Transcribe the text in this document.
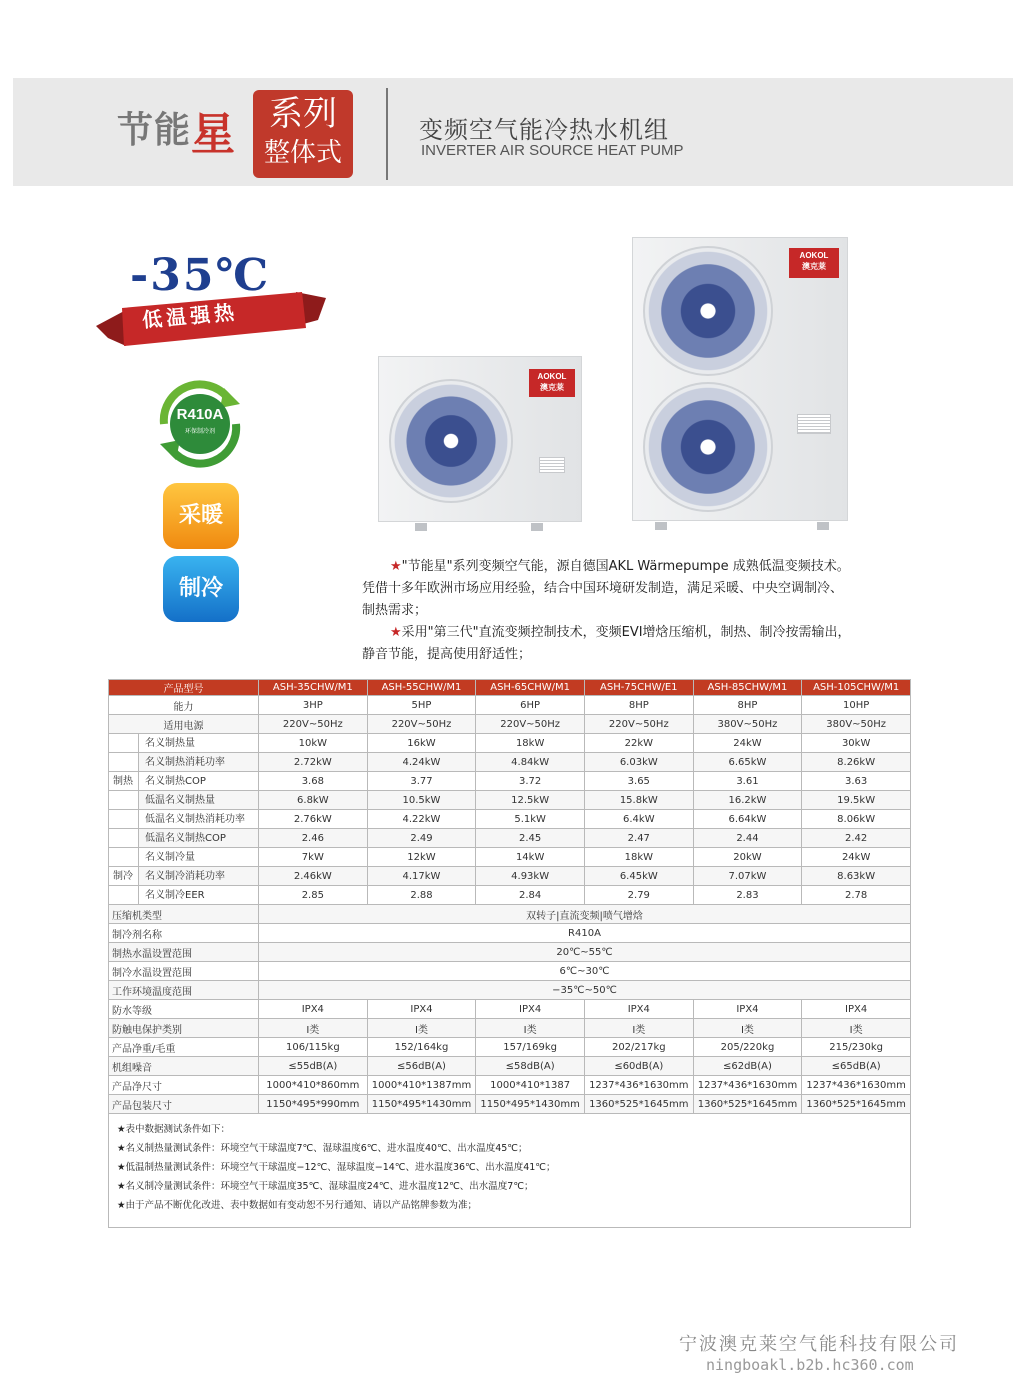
节能 星	系列
整体式
变频空气能冷热水机组
INVERTER AIR SOURCE HEAT PUMP
-35℃
低温强热
R410A
环保制冷剂
采暖
制冷
AOKOL
澳克莱
AOKOL
澳克莱

★"节能星"系列变频空气能，源自德国AKL Wärmepumpe 成熟低温变频技术。凭借十多年欧洲市场应用经验，结合中国环境研发制造，满足采暖、中央空调制冷、制热需求；

★采用"第三代"直流变频控制技术，变频EVI增焓压缩机，制热、制冷按需输出，静音节能，提高使用舒适性；

产品型号	ASH-35CHW/M1	ASH-55CHW/M1	ASH-65CHW/M1	ASH-75CHW/E1	ASH-85CHW/M1	ASH-105CHW/M1
能力	3HP	5HP	6HP	8HP	8HP	10HP
适用电源	220V~50Hz	220V~50Hz	220V~50Hz	220V~50Hz	380V~50Hz	380V~50Hz

名义制热量	10kW	16kW	18kW	22kW	24kW	30kW

名义制热消耗功率	2.72kW	4.24kW	4.84kW	6.03kW	6.65kW	8.26kW

制热 名义制热COP	3.68	3.77	3.72	3.65	3.61	3.63

低温名义制热量	6.8kW	10.5kW	12.5kW	15.8kW	16.2kW	19.5kW

低温名义制热消耗功率	2.76kW	4.22kW	5.1kW	6.4kW	6.64kW	8.06kW

低温名义制热COP	2.46	2.49	2.45	2.47	2.44	2.42

名义制冷量	7kW	12kW	14kW	18kW	20kW	24kW

制冷 名义制冷消耗功率	2.46kW	4.17kW	4.93kW	6.45kW	7.07kW	8.63kW

名义制冷EER	2.85	2.88	2.84	2.79	2.83	2.78
压缩机类型	双转子|直流变频|喷气增焓					
制冷剂名称	R410A					
制热水温设置范围	20℃~55℃					
制冷水温设置范围	6℃~30℃					
工作环境温度范围	−35℃~50℃					
防水等级	IPX4	IPX4	IPX4	IPX4	IPX4	IPX4
防触电保护类别	I类	I类	I类	I类	I类	I类
产品净重/毛重	106/115kg	152/164kg	157/169kg	202/217kg	205/220kg	215/230kg
机组噪音	≤55dB(A)	≤56dB(A)	≤58dB(A)	≤60dB(A)	≤62dB(A)	≤65dB(A)
产品净尺寸	1000*410*860mm	1000*410*1387mm	1000*410*1387	1237*436*1630mm	1237*436*1630mm	1237*436*1630mm
产品包装尺寸	1150*495*990mm	1150*495*1430mm	1150*495*1430mm	1360*525*1645mm	1360*525*1645mm	1360*525*1645mm
★表中数据测试条件如下：
★名义制热量测试条件：环境空气干球温度7℃、湿球温度6℃、进水温度40℃、出水温度45℃；
★低温制热量测试条件：环境空气干球温度−12℃、湿球温度−14℃、进水温度36℃、出水温度41℃；
★名义制冷量测试条件：环境空气干球温度35℃、湿球温度24℃、进水温度12℃、出水温度7℃；
★由于产品不断优化改进、表中数据如有变动恕不另行通知、请以产品铭牌参数为准；
宁波澳克莱空气能科技有限公司
ningboakl.b2b.hc360.com
